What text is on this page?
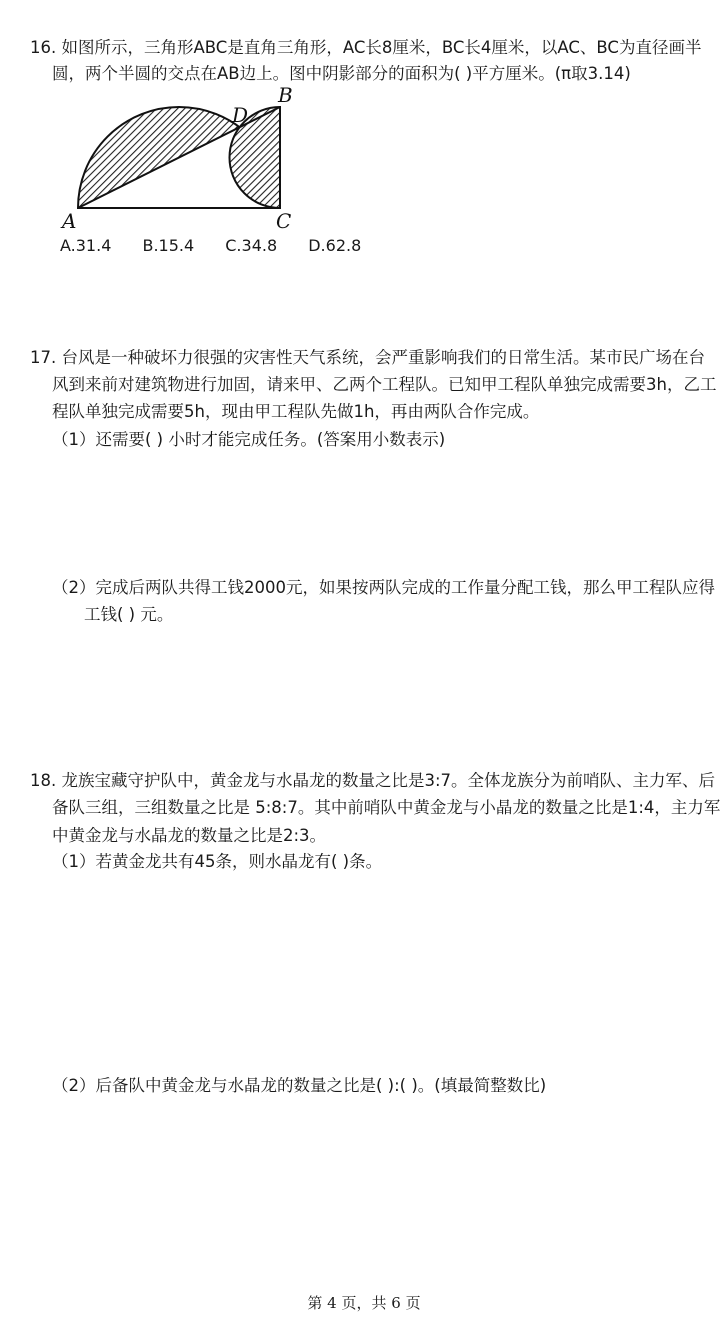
16. 如图所示，三角形ABC是直角三角形，AC长8厘米，BC长4厘米，以AC、BC为直径画半
圆，两个半圆的交点在AB边上。图中阴影部分的面积为( )平方厘米。(π取3.14)
A
B
C
D
A.31.4 B.15.4 C.34.8 D.62.8
17. 台风是一种破坏力很强的灾害性天气系统，会严重影响我们的日常生活。某市民广场在台
风到来前对建筑物进行加固，请来甲、乙两个工程队。已知甲工程队单独完成需要3h，乙工
程队单独完成需要5h，现由甲工程队先做1h，再由两队合作完成。
（1）还需要( ) 小时才能完成任务。(答案用小数表示)
（2）完成后两队共得工钱2000元，如果按两队完成的工作量分配工钱，那么甲工程队应得
工钱( ) 元。
18. 龙族宝藏守护队中，黄金龙与水晶龙的数量之比是3:7。全体龙族分为前哨队、主力军、后
备队三组，三组数量之比是 5:8:7。其中前哨队中黄金龙与小晶龙的数量之比是1:4，主力军
中黄金龙与水晶龙的数量之比是2:3。
（1）若黄金龙共有45条，则水晶龙有( )条。
（2）后备队中黄金龙与水晶龙的数量之比是( ):( )。(填最简整数比)
第 4 页，共 6 页
